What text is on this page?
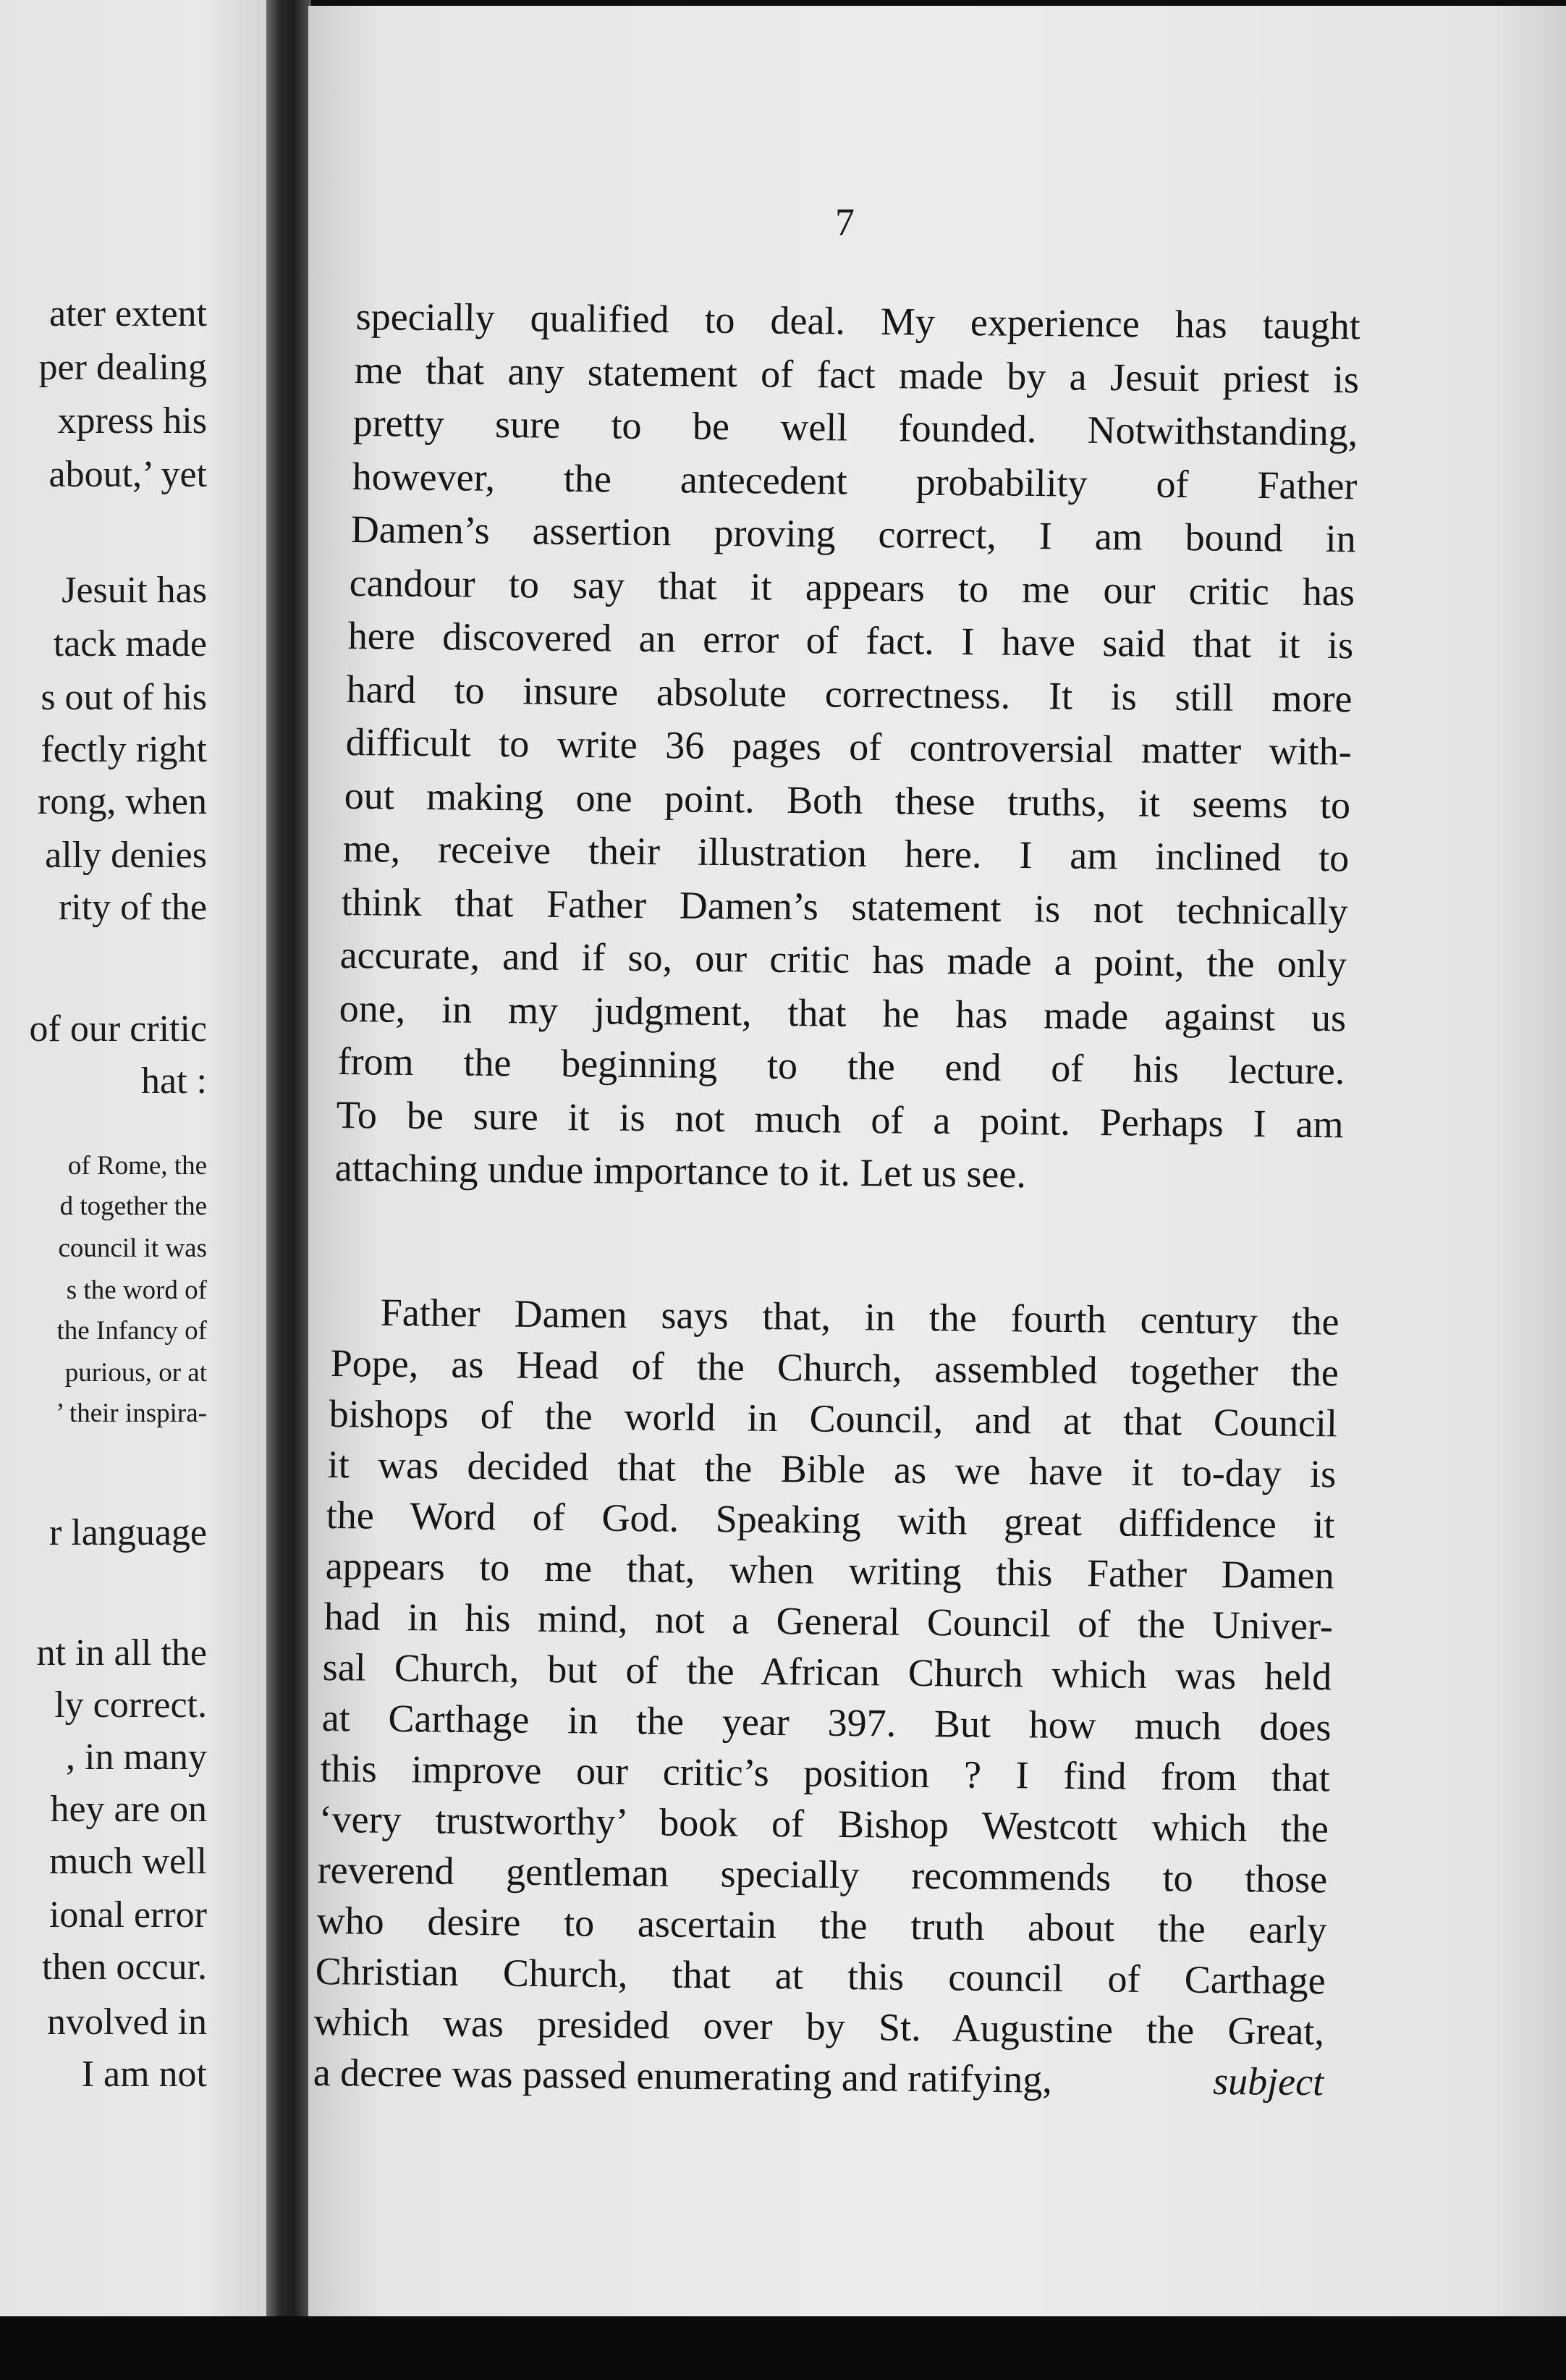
ater extent
per dealing
xpress his
about,’ yet
Jesuit has
tack made
s out of his
fectly right
rong, when
ally denies
rity of the
of our critic
hat :
of Rome, the
d together the
council it was
s the word of
the Infancy of
purious, or at
’ their inspira-
r language
nt in all the
ly correct.
, in many
hey are on
much well
ional error
then occur.
nvolved in
I am not
7
specially qualified to deal. My experience has taught
me that any statement of fact made by a Jesuit priest is
pretty sure to be well founded. Notwithstanding,
however, the antecedent probability of Father
Damen’s assertion proving correct, I am bound in
candour to say that it appears to me our critic has
here discovered an error of fact. I have said that it is
hard to insure absolute correctness. It is still more
difficult to write 36 pages of controversial matter with-
out making one point. Both these truths, it seems to
me, receive their illustration here. I am inclined to
think that Father Damen’s statement is not technically
accurate, and if so, our critic has made a point, the only
one, in my judgment, that he has made against us
from the beginning to the end of his lecture.
To be sure it is not much of a point. Perhaps I am
attaching undue importance to it. Let us see.
Father Damen says that, in the fourth century the
Pope, as Head of the Church, assembled together the
bishops of the world in Council, and at that Council
it was decided that the Bible as we have it to-day is
the Word of God. Speaking with great diffidence it
appears to me that, when writing this Father Damen
had in his mind, not a General Council of the Univer-
sal Church, but of the African Church which was held
at Carthage in the year 397. But how much does
this improve our critic’s position ? I find from that
‘very trustworthy’ book of Bishop Westcott which the
reverend gentleman specially recommends to those
who desire to ascertain the truth about the early
Christian Church, that at this council of Carthage
which was presided over by St. Augustine the Great,
a decree was passed enumerating and ratifying,	subject
